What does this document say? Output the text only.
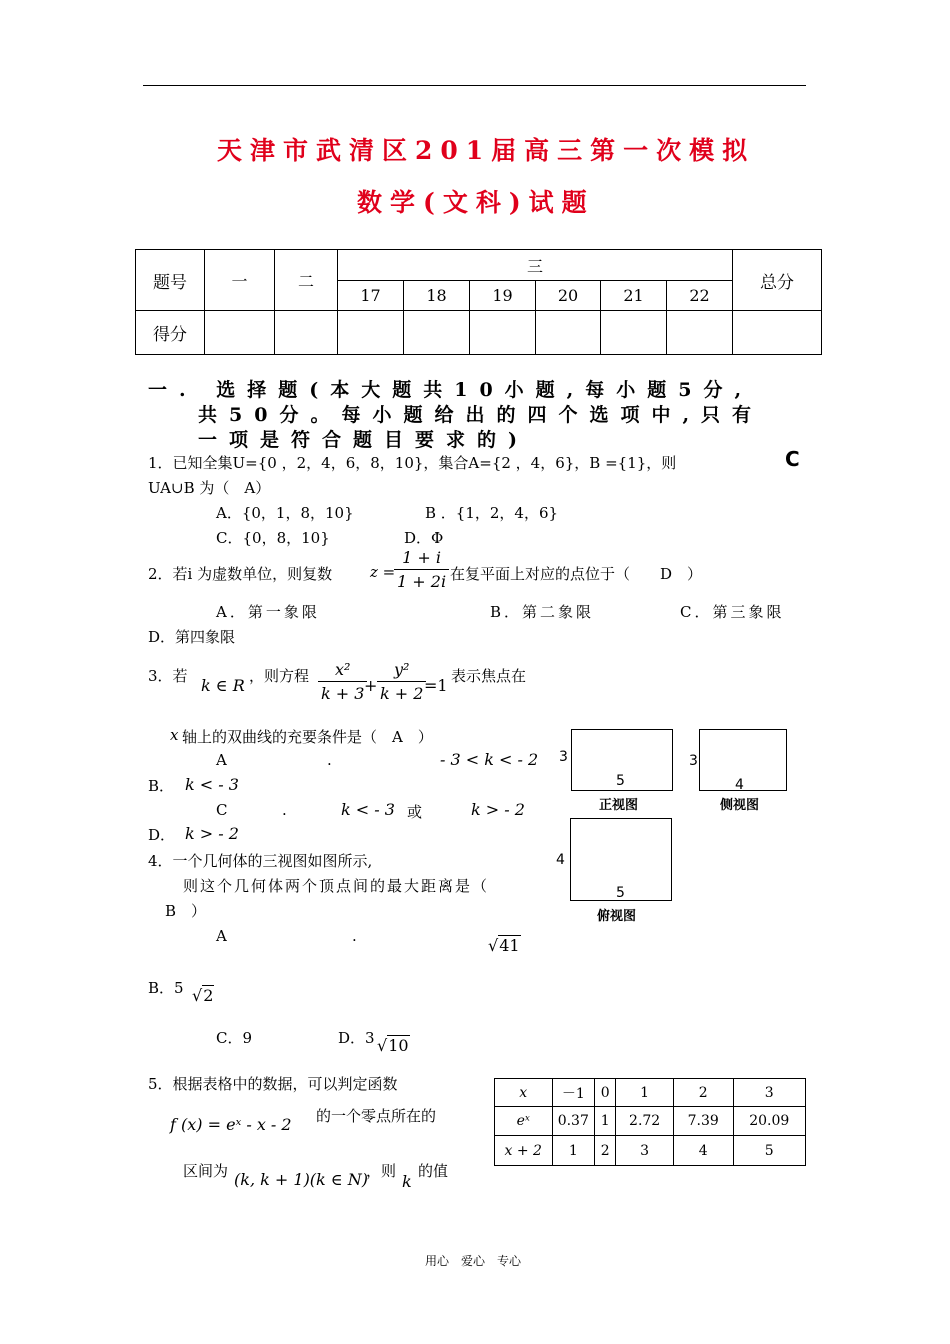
天津市武清区201届高三第一次模拟
数学(文科)试题
题号	一	二	三						总分
			17	18	19	20	21	22	
得分									
一. 选择题(本大题共10小题,每小题5分,
共50分。每小题给出的四个选项中,只有
一项是符合题目要求的)
1．已知全集U={0 ，2，4，6，8，10}，集合A={2 ，4，6}，B ={1}，则	C
UA∪B 为（　A）
A．{0，1，8，10}	B ．{1，2，4，6}
C．{0，8，10}	D．Φ
2．若i 为虚数单位，则复数	z =
$\frac{1 + i}{1 + 2i}$ 在复平面上对应的点位于（　　D　）
A．第一象限	B．第二象限	C．第三象限
D．第四象限
3．若 k ∈ R ，则方程 $\frac{\text{x²}}{k + 3}$
+ $\frac{\text{y²}}{k + 2}$
=1 表示焦点在
x 轴上的双曲线的充要条件是（　A　）
A	.	- 3 < k < - 2
B． k < - 3
C	.	k < - 3 或	k > - 2
D． k > - 2
3
5
正视图
3
4
侧视图
4
5
俯视图
4．一个几何体的三视图如图所示,
则这个几何体两个顶点间的最大距离是（
B　）
A	.	√41
B．5 √2
C．9	D．3 √10
5．根据表格中的数据，可以判定函数
f (x) = eˣ - x - 2 的一个零点所在的
区间为 (k, k + 1)(k ∈ N)
，则
k
的值
x	－1	0	1	2	3
eˣ	0.37	1	2.72	7.39	20.09
x + 2	1	2	3	4	5
用心　爱心　专心
